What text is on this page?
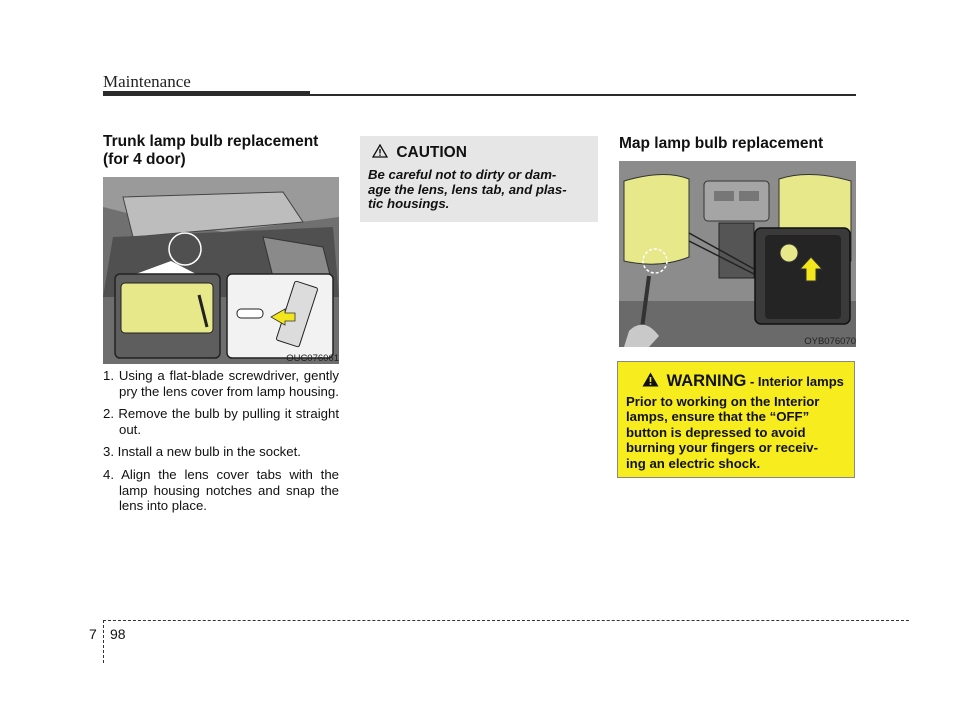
Maintenance
Trunk lamp bulb replacement
(for 4 door)
OUC076061
1. Using a flat-blade screwdriver, gently pry the lens cover from lamp housing.
2. Remove the bulb by pulling it straight out.
3. Install a new bulb in the socket.
4. Align the lens cover tabs with the lamp housing notches and snap the lens into place.
CAUTION
Be careful not to dirty or dam-
age the lens, lens tab, and plas-
tic housings.
Map lamp bulb replacement
OYB076070
WARNING - Interior lamps
Prior to working on the Interior
lamps, ensure that the “OFF”
button is depressed to avoid
burning your fingers or receiv-
ing an electric shock.
7 98
